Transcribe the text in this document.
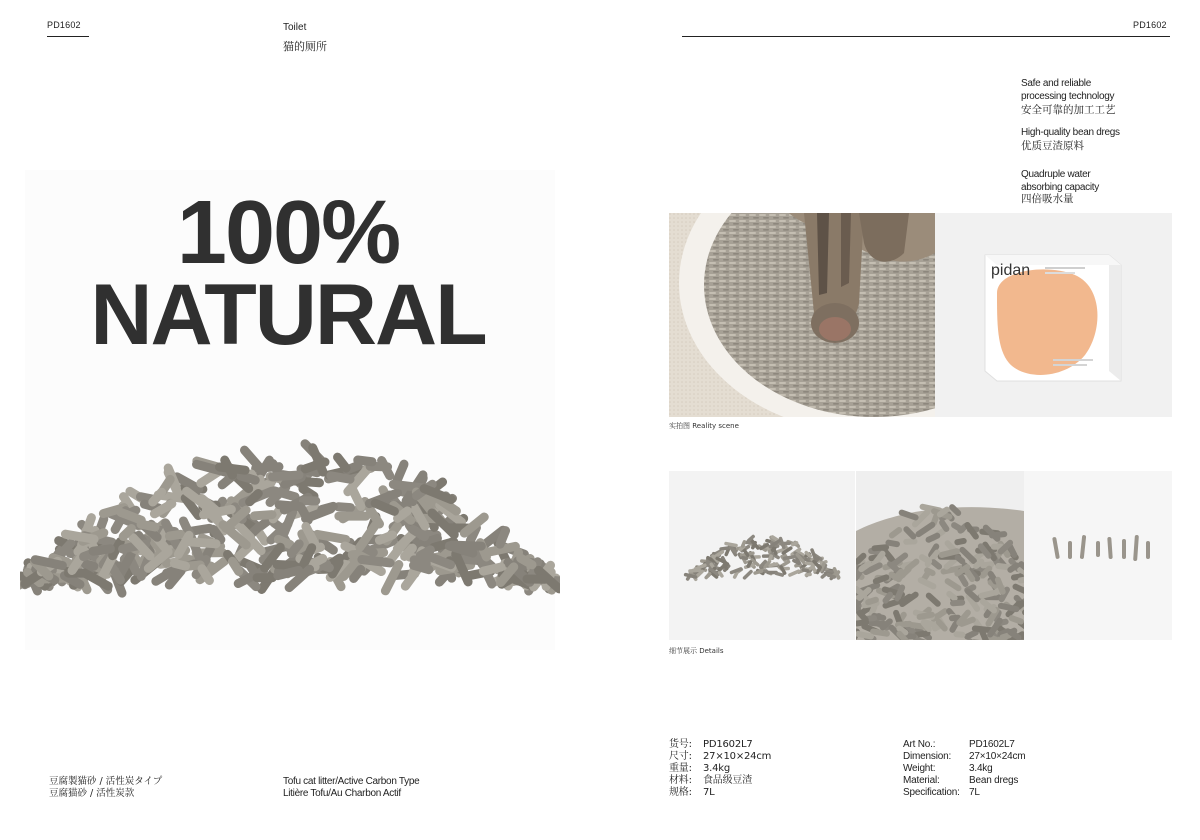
PD1602	Toilet
猫的厕所
100%
NATURAL
豆腐製猫砂 / 活性炭タイプ
豆腐猫砂 / 活性炭款
Tofu cat litter/Active Carbon Type
Litière Tofu/Au Charbon Actif
PD1602
Safe and reliable
processing technology
安全可靠的加工工艺
High-quality bean dregs
优质豆渣原料
Quadruple water
absorbing capacity
四倍吸水量
pidan
实拍图 Reality scene
细节展示 Details
货号:	PD1602L7
尺寸:	27×10×24cm
重量:	3.4kg
材料:	食品级豆渣
规格:	7L
Art No.:	PD1602L7
Dimension:	27×10×24cm
Weight:	3.4kg
Material:	Bean dregs
Specification: 7L
